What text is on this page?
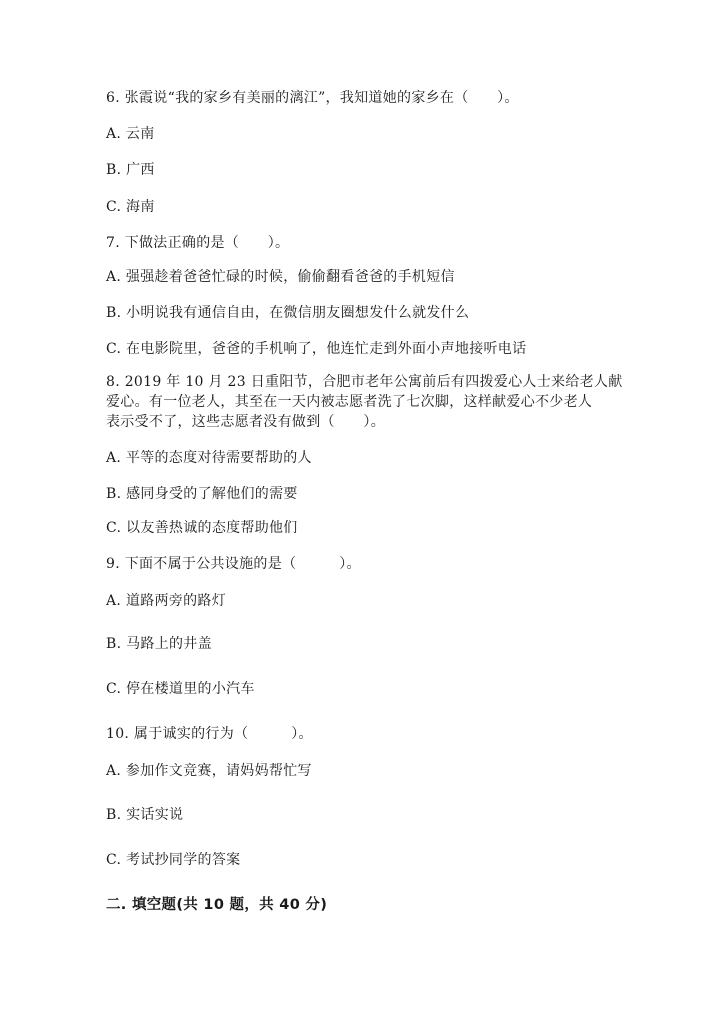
6. 张霞说“我的家乡有美丽的漓江”，我知道她的家乡在（　　）。
A. 云南
B. 广西
C. 海南
7. 下做法正确的是（　　）。
A. 强强趁着爸爸忙碌的时候，偷偷翻看爸爸的手机短信
B. 小明说我有通信自由，在微信朋友圈想发什么就发什么
C. 在电影院里，爸爸的手机响了，他连忙走到外面小声地接听电话
8. 2019 年 10 月 23 日重阳节，合肥市老年公寓前后有四拨爱心人士来给老人献
爱心。有一位老人，其至在一天内被志愿者洗了七次脚，这样献爱心不少老人
表示受不了，这些志愿者没有做到（　　）。
A. 平等的态度对待需要帮助的人
B. 感同身受的了解他们的需要
C. 以友善热诚的态度帮助他们
9. 下面不属于公共设施的是（　　　）。
A. 道路两旁的路灯
B. 马路上的井盖
C. 停在楼道里的小汽车
10. 属于诚实的行为（　　　）。
A. 参加作文竞赛，请妈妈帮忙写
B. 实话实说
C. 考试抄同学的答案
二. 填空题(共 10 题，共 40 分)
